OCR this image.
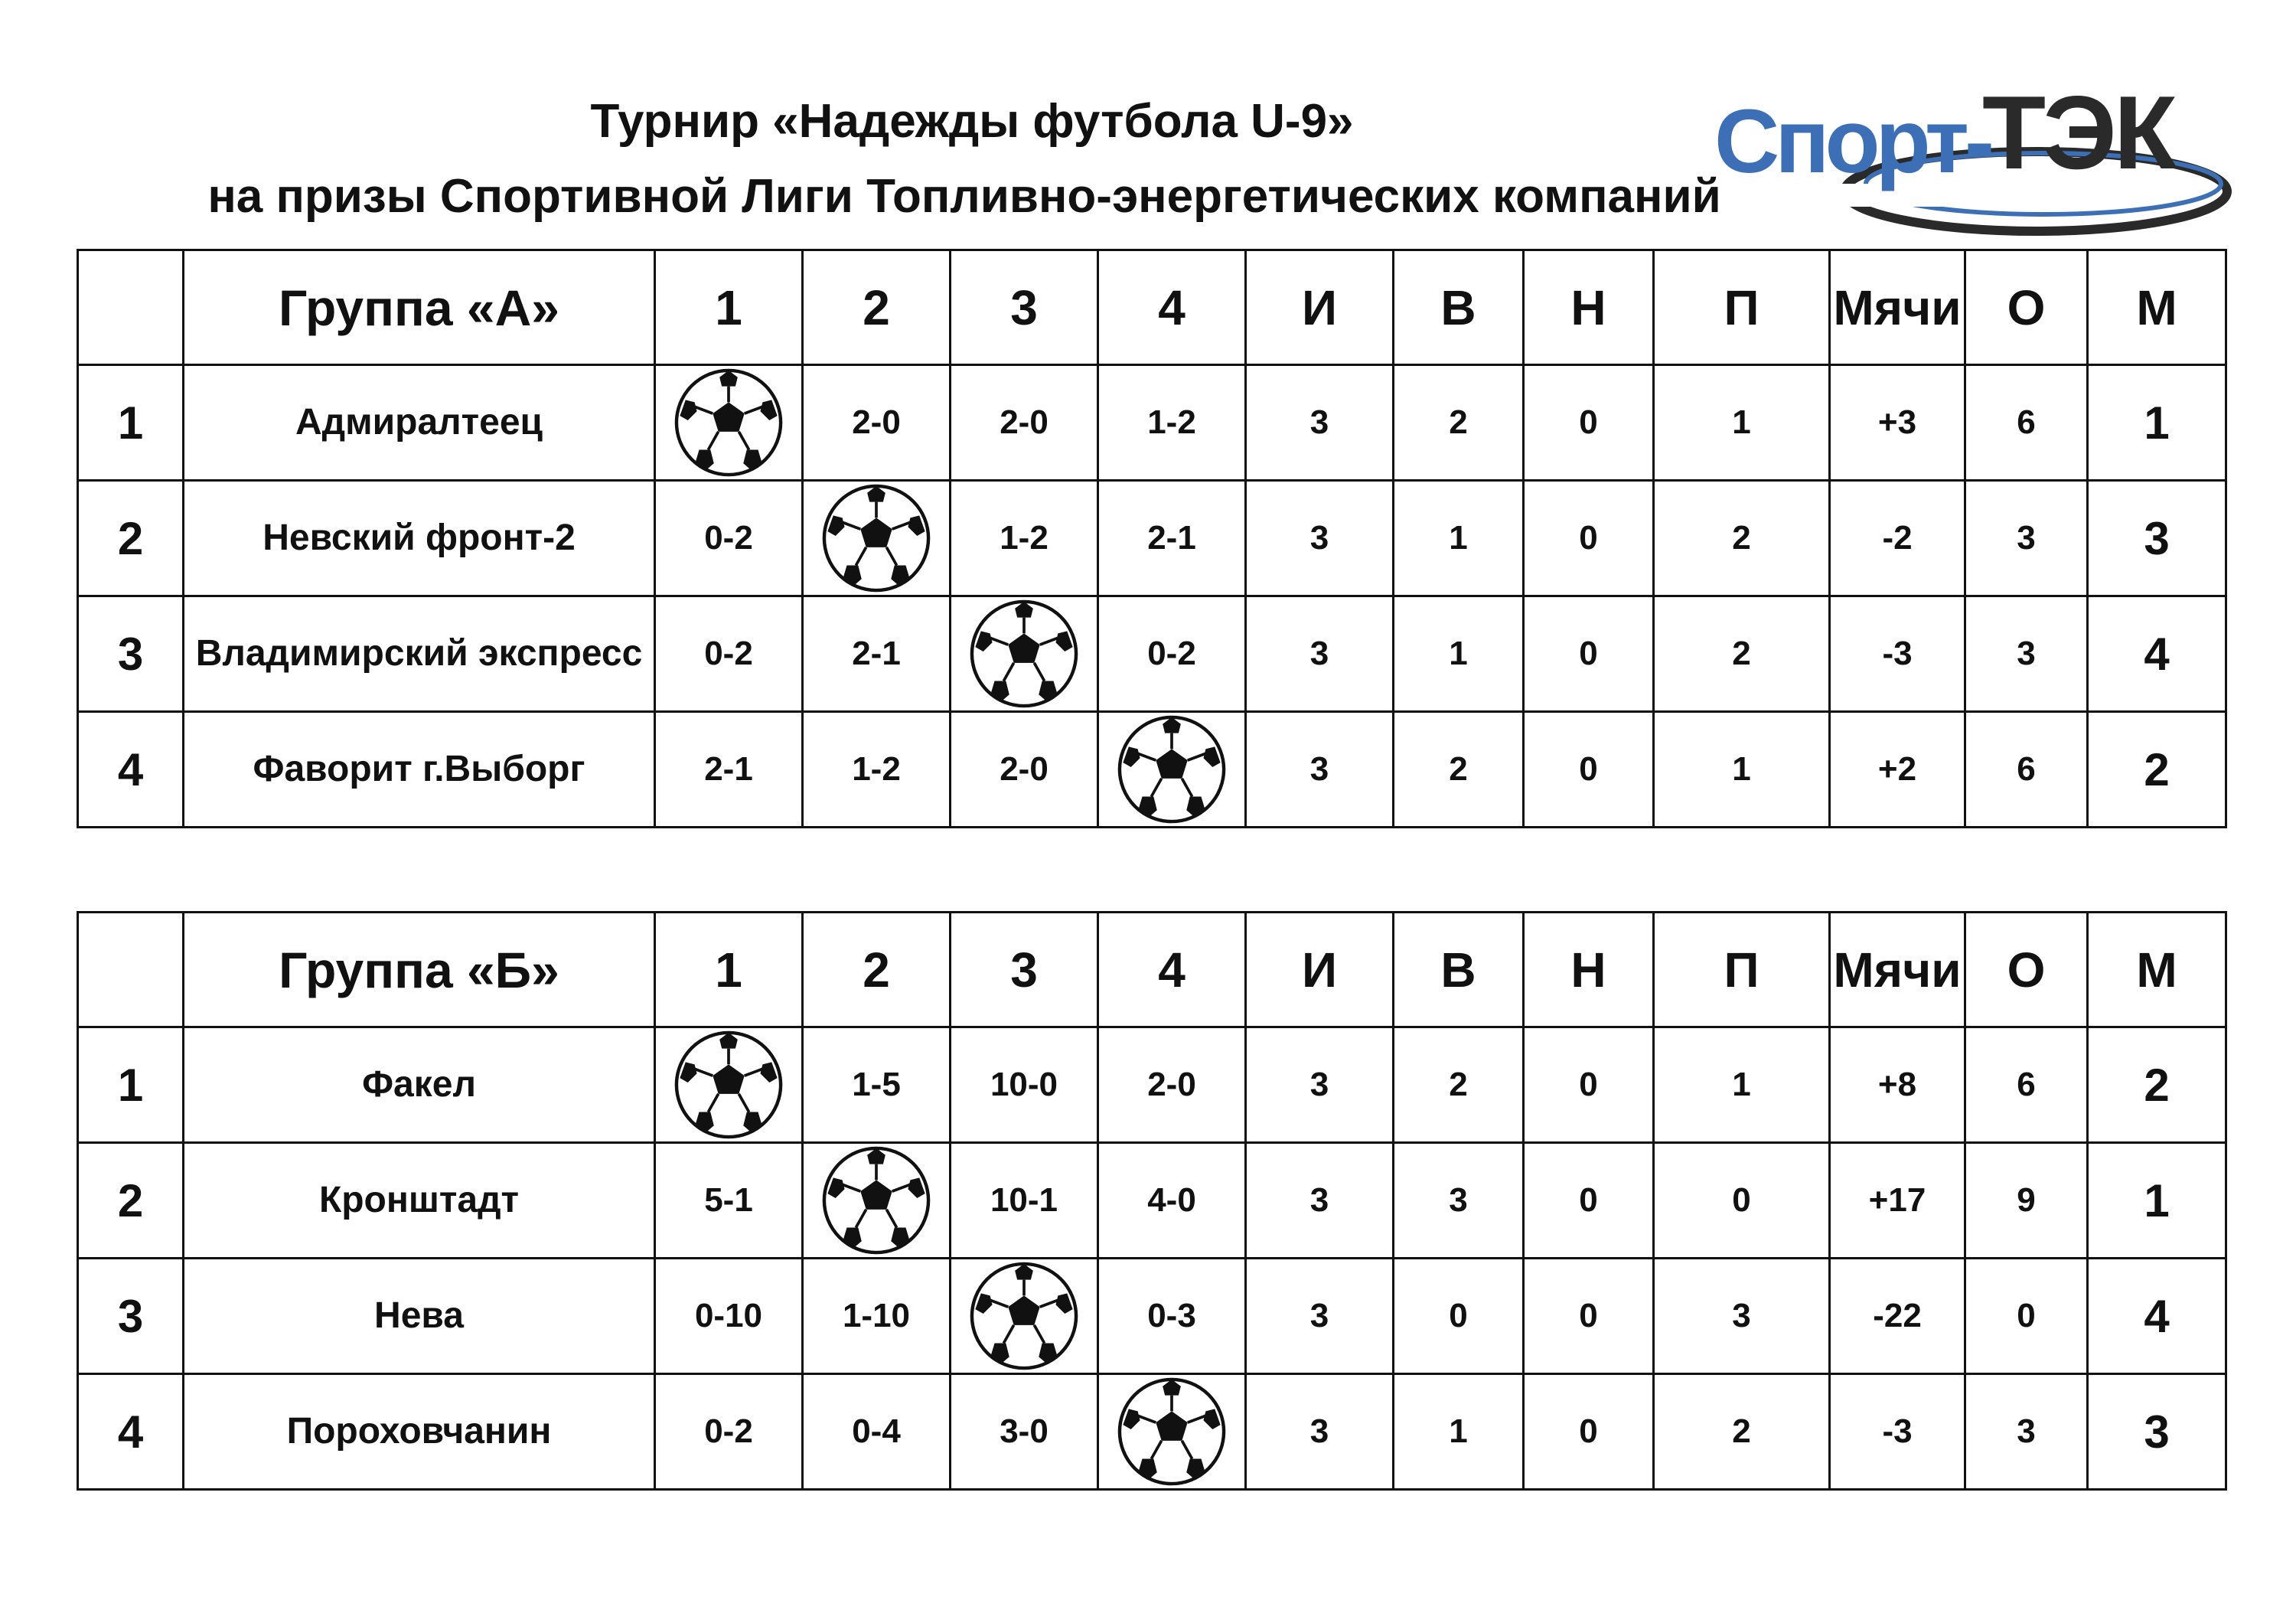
Турнир «Надежды футбола U-9»
на призы Спортивной Лиги Топливно-энергетических компаний
Спорт-
ТЭК
	Группа «А»	1	2	3	4	И	В	Н	П	Мячи	О	М
1	Адмиралтеец		2-0	2-0	1-2	3	2	0	1	+3	6	1
2	Невский фронт-2	0-2		1-2	2-1	3	1	0	2	-2	3	3
3	Владимирский экспресс	0-2	2-1		0-2	3	1	0	2	-3	3	4
4	Фаворит г.Выборг	2-1	1-2	2-0		3	2	0	1	+2	6	2
	Группа «Б»	1	2	3	4	И	В	Н	П	Мячи	О	М
1	Факел		1-5	10-0	2-0	3	2	0	1	+8	6	2
2	Кронштадт	5-1		10-1	4-0	3	3	0	0	+17	9	1
3	Нева	0-10	1-10		0-3	3	0	0	3	-22	0	4
4	Пороховчанин	0-2	0-4	3-0		3	1	0	2	-3	3	3
